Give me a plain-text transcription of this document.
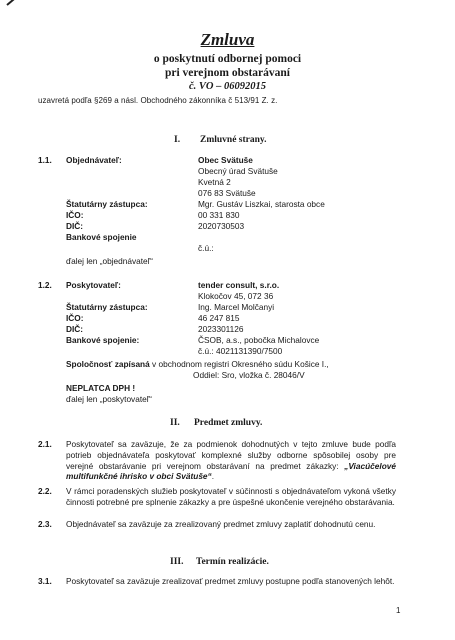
Zmluva
o poskytnutí odbornej pomoci
pri verejnom obstarávaní
č. VO – 06092015
uzavretá podľa §269 a násl. Obchodného zákonníka č 513/91 Z. z.
I. Zmluvné strany.
1.1. Objednávateľ:	Obec Svätuše
Obecný úrad Svätuše
Kvetná 2
076 83 Svätuše
Štatutárny zástupca:	Mgr. Gustáv Liszkai, starosta obce
IČO:	00 331 830
DIČ:	2020730503
Bankové spojenie
č.ú.:
ďalej len „objednávateľ“
1.2. Poskytovateľ:	tender consult, s.r.o.
Klokočov 45, 072 36
Štatutárny zástupca:	Ing. Marcel Molčanyi
IČO:	46 247 815
DIČ:	2023301126
Bankové spojenie:	ČSOB, a.s., pobočka Michalovce
č.ú.: 4021131390/7500
Spoločnosť zapísaná v obchodnom registri Okresného súdu Košice I.,
Oddiel: Sro, vložka č. 28046/V
NEPLATCA DPH !
ďalej len „poskytovateľ“
II. Predmet zmluvy.
2.1. Poskytovateľ sa zaväzuje, že za podmienok dohodnutých v tejto zmluve bude podľa potrieb objednávateľa poskytovať komplexné služby odborne spôsobilej osoby pre verejné obstarávanie pri verejnom obstarávaní na predmet zákazky: „Viacúčelové multifunkčné ihrisko v obci Svätuše“.
2.2. V rámci poradenských služieb poskytovateľ v súčinnosti s objednávateľom vykoná všetky činnosti potrebné pre splnenie zákazky a pre úspešné ukončenie verejného obstarávania.
2.3. Objednávateľ sa zaväzuje za zrealizovaný predmet zmluvy zaplatiť dohodnutú cenu.
III. Termín realizácie.
3.1. Poskytovateľ sa zaväzuje zrealizovať predmet zmluvy postupne podľa stanovených lehôt.
1
